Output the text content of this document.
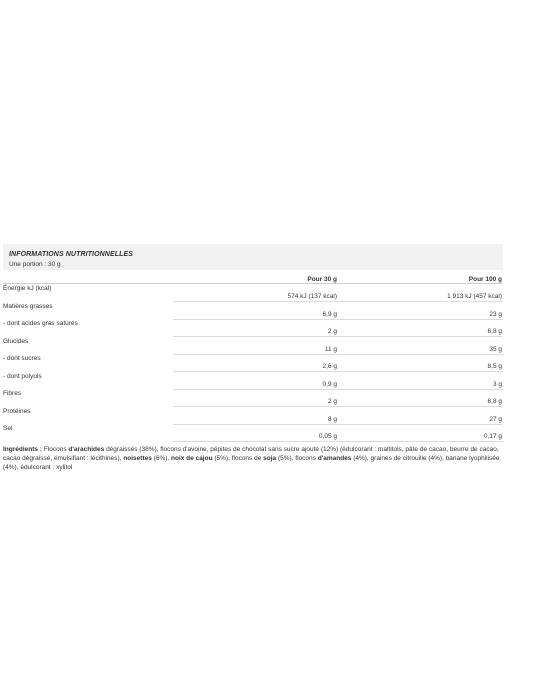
INFORMATIONS NUTRITIONNELLES
Une portion : 30 g
	Pour 30 g	Pour 100 g
Énergie kJ (kcal)	574 kJ (137 kcal)	1 913 kJ (457 kcal)
Matières grasses	6,9 g	23 g
- dont acides gras saturés	2 g	6,8 g
Glucides	11 g	35 g
- dont sucres	2,6 g	8,5 g
- dont polyols	0,9 g	3 g
Fibres	2 g	6,8 g
Protéines	8 g	27 g
Sel	0,05 g	0,17 g
Ingrédients : Flocons d'arachides dégraissés (38%), flocons d'avoine, pépites de chocolat sans sucre ajouté (12%) (édulcorant : maltitols, pâte de cacao, beurre de cacao, cacao dégraissé, émulsifiant : lécithines), noisettes (6%), noix de cajou (5%), flocons de soja (5%), flocons d'amandes (4%), graines de citrouille (4%), banane lyophilisée (4%), édulcorant : xylitol
